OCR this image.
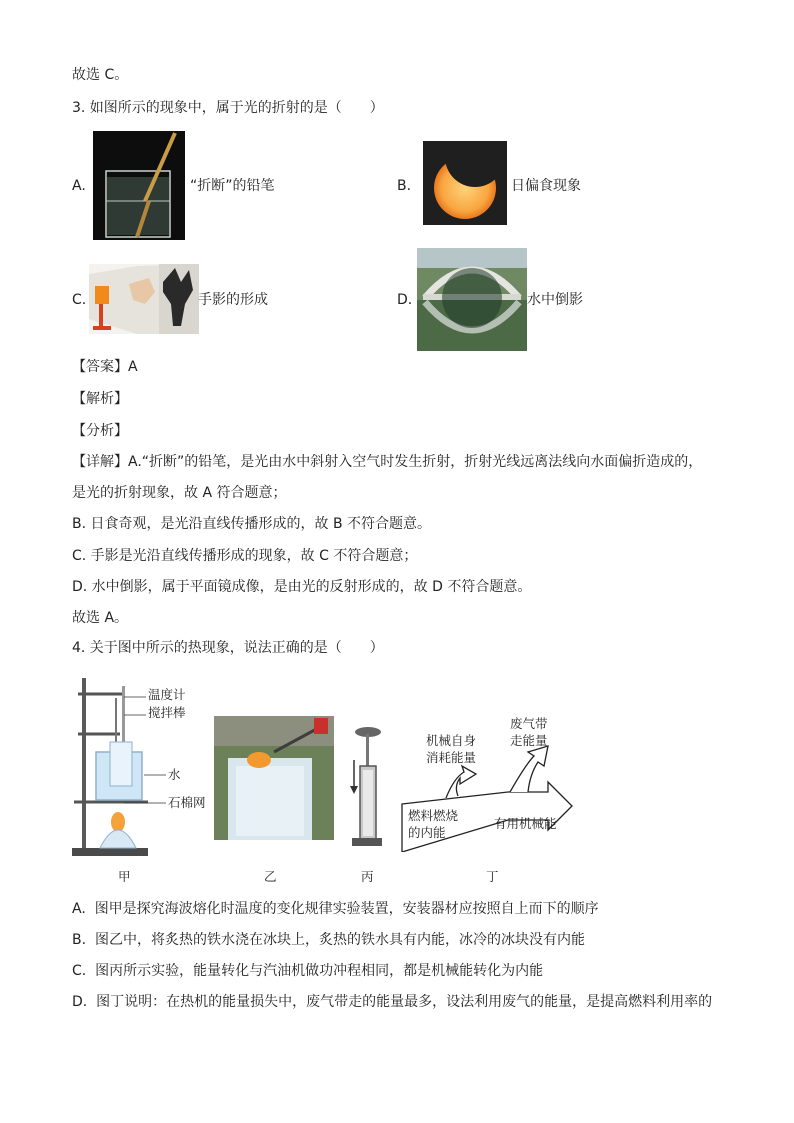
故选 C。
3. 如图所示的现象中，属于光的折射的是（　　）
A.	“折断”的铅笔	B.	日偏食现象
C.	手影的形成	D.	水中倒影
【答案】A
【解析】
【分析】
【详解】A.“折断”的铅笔，是光由水中斜射入空气时发生折射，折射光线远离法线向水面偏折造成的，
是光的折射现象，故 A 符合题意；
B. 日食奇观，是光沿直线传播形成的，故 B 不符合题意。
C. 手影是光沿直线传播形成的现象，故 C 不符合题意；
D. 水中倒影，属于平面镜成像，是由光的反射形成的，故 D 不符合题意。
故选 A。
4. 关于图中所示的热现象，说法正确的是（　　）
温度计
搅拌棒
水
石棉网
甲	乙	丙
机械自身
消耗能量
废气带
走能量
燃料燃烧
的内能
有用机械能
丁
A. 图甲是探究海波熔化时温度的变化规律实验装置，安装器材应按照自上而下的顺序
B. 图乙中，将炙热的铁水浇在冰块上，炙热的铁水具有内能，冰冷的冰块没有内能
C. 图丙所示实验，能量转化与汽油机做功冲程相同，都是机械能转化为内能
D. 图丁说明：在热机的能量损失中，废气带走的能量最多，设法利用废气的能量，是提高燃料利用率的
